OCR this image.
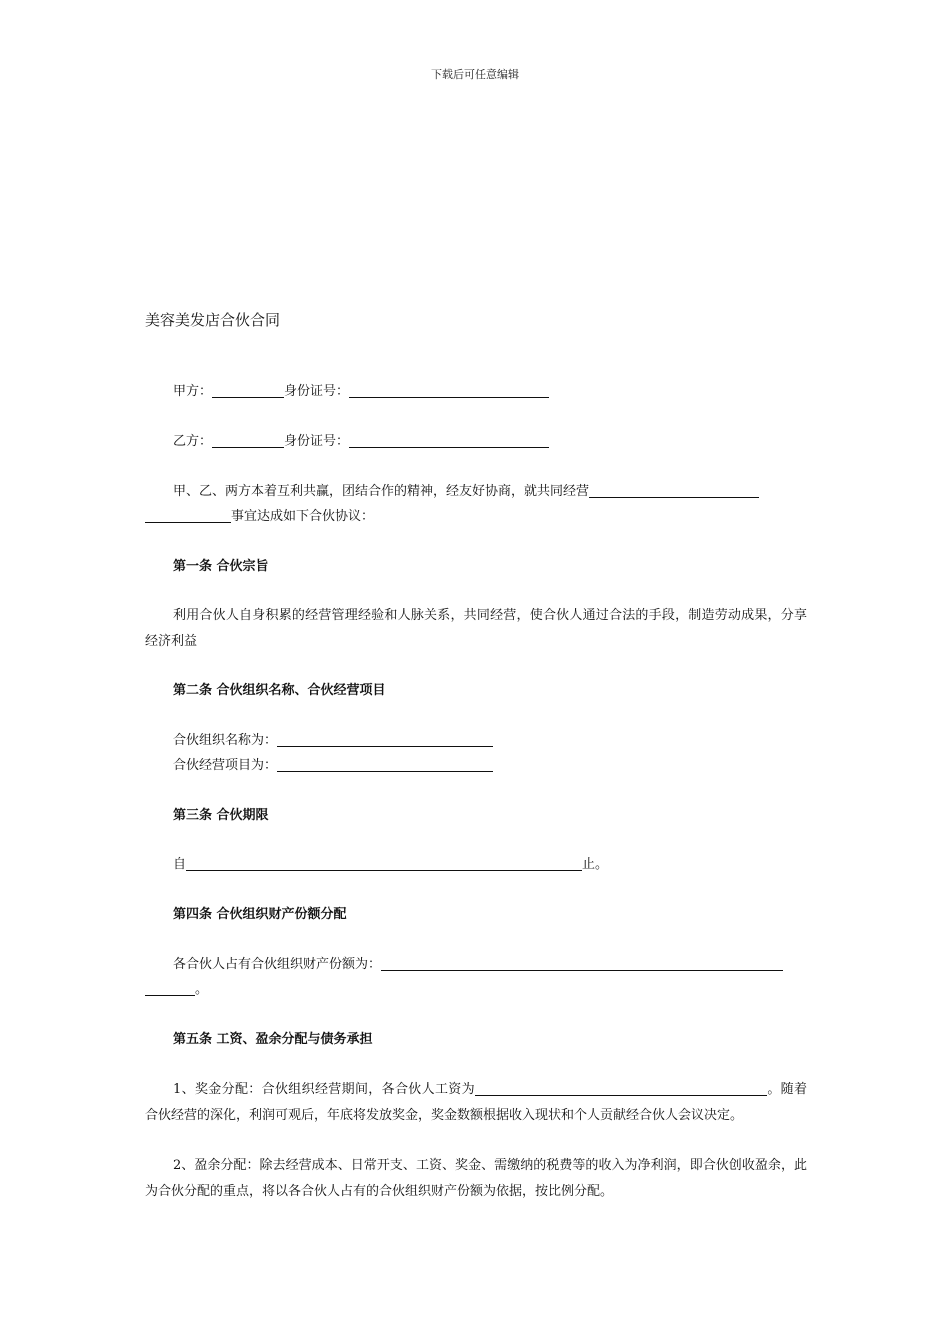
下载后可任意编辑
美容美发店合伙合同
甲方：	身份证号：
乙方：	身份证号：
甲、乙、两方本着互利共赢，团结合作的精神，经友好协商，就共同经营
事宜达成如下合伙协议：
第一条 合伙宗旨
利用合伙人自身积累的经营管理经验和人脉关系，共同经营，使合伙人通过合法的手段，制造劳动成果，分享经济利益
第二条 合伙组织名称、合伙经营项目
合伙组织名称为：
合伙经营项目为：
第三条 合伙期限
自	止。
第四条 合伙组织财产份额分配
各合伙人占有合伙组织财产份额为：
。
第五条 工资、盈余分配与债务承担
1、奖金分配：合伙组织经营期间，各合伙人工资为	。随着合伙经营的深化，利润可观后，年底将发放奖金，奖金数额根据收入现状和个人贡献经合伙人会议决定。
2、盈余分配：除去经营成本、日常开支、工资、奖金、需缴纳的税费等的收入为净利润，即合伙创收盈余，此为合伙分配的重点，将以各合伙人占有的合伙组织财产份额为依据，按比例分配。
